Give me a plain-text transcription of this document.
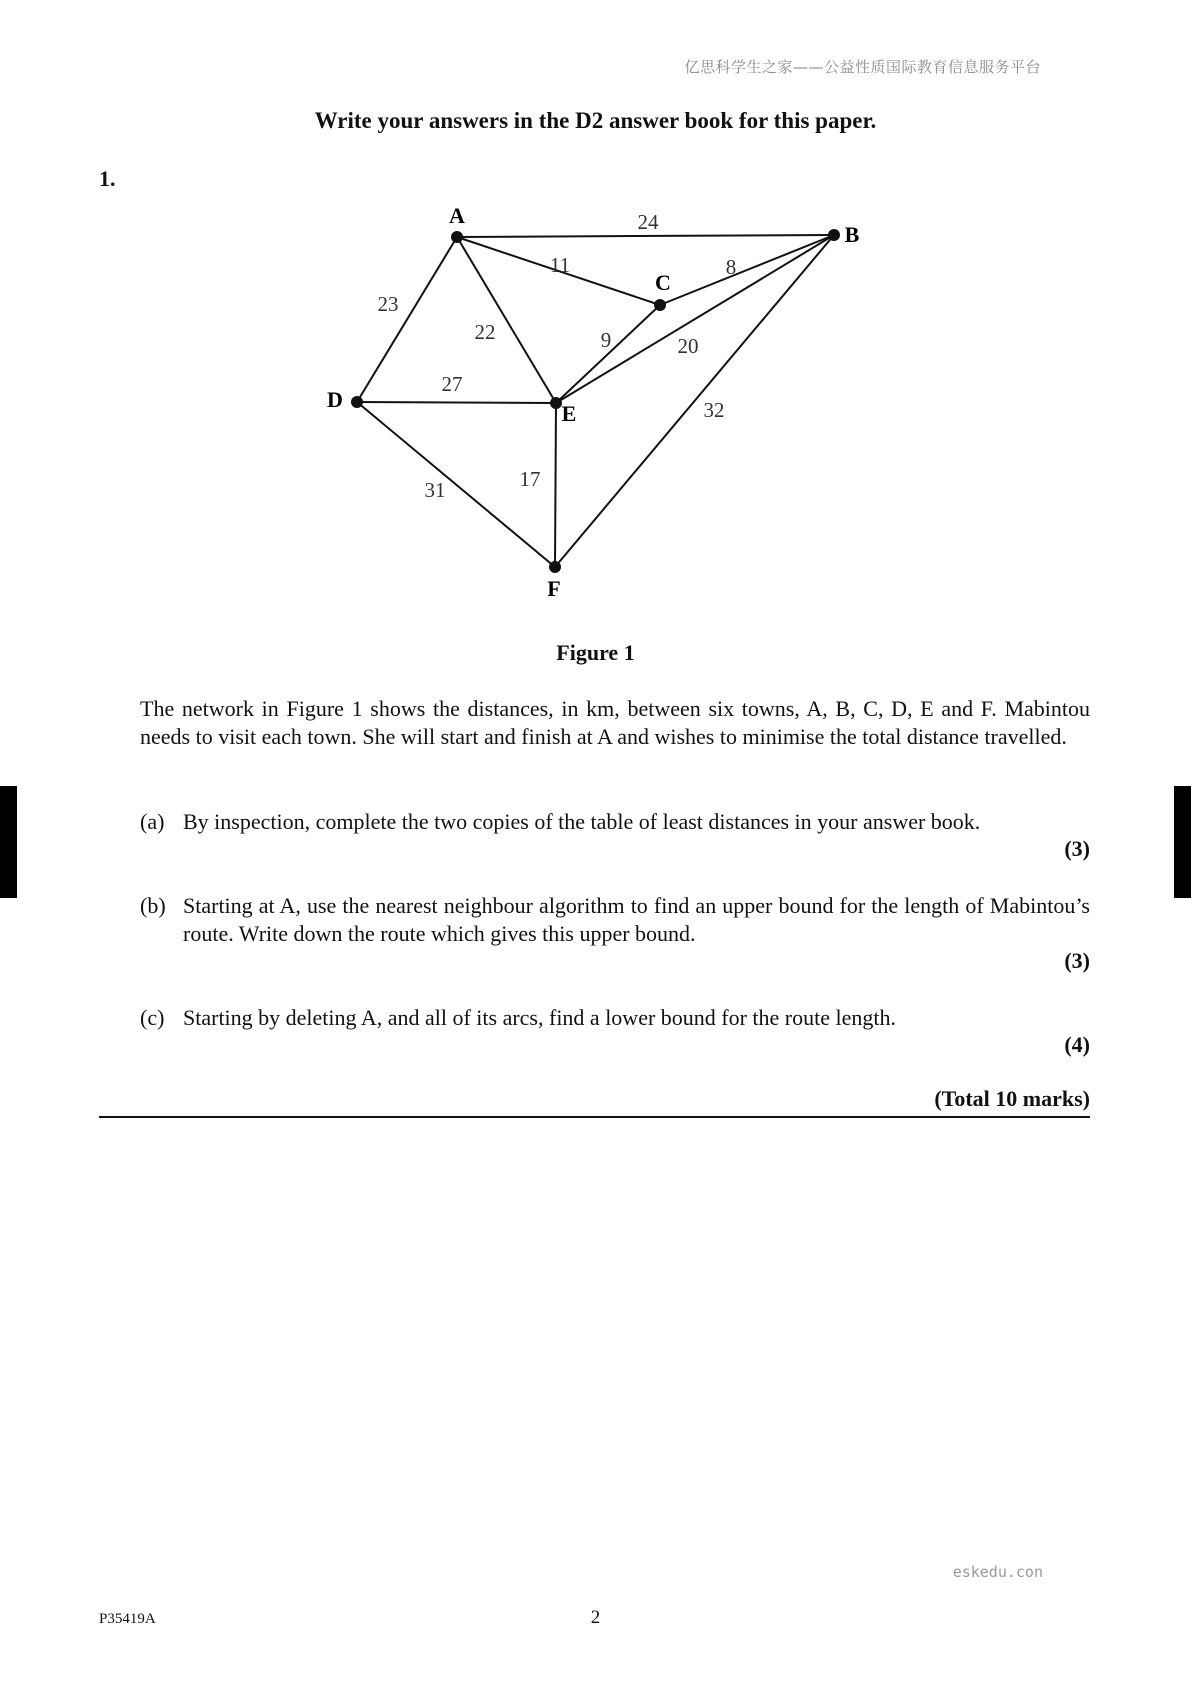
亿思科学生之家——公益性质国际教育信息服务平台
Write your answers in the D2 answer book for this paper.
1.
24
11	8
23
22	9	20
27
32
31	17
A
B
C
D
E
F
Figure 1
The network in Figure 1 shows the distances, in km, between six towns, A, B, C, D, E and F. Mabintou needs to visit each town. She will start and finish at A and wishes to minimise the total distance travelled.
(a) By inspection, complete the two copies of the table of least distances in your answer book.
(3)
(b) Starting at A, use the nearest neighbour algorithm to find an upper bound for the length of Mabintou’s route. Write down the route which gives this upper bound.
(3)
(c) Starting by deleting A, and all of its arcs, find a lower bound for the route length.
(4)
(Total 10 marks)
eskedu.con
P35419A	2
